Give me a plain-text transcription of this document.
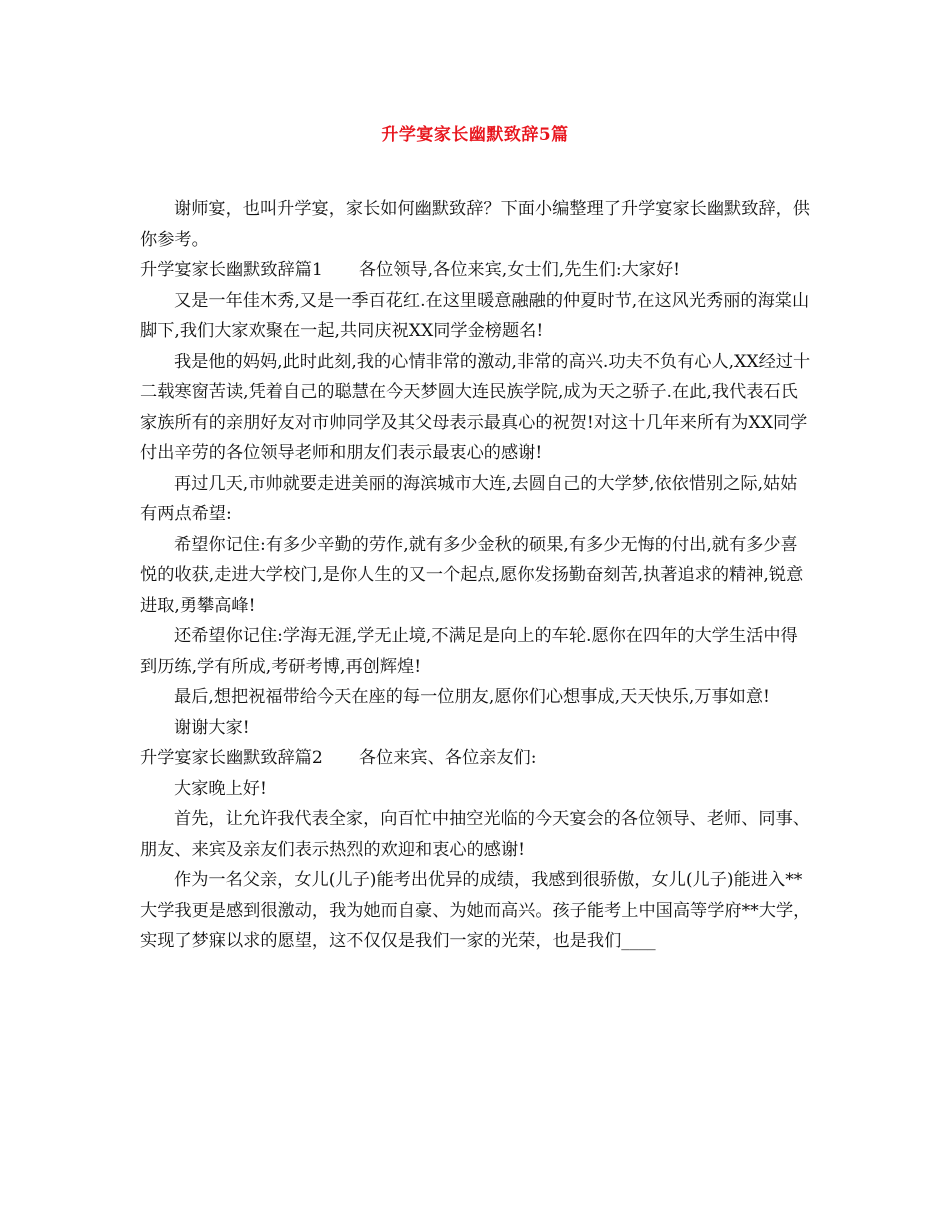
升学宴家长幽默致辞5篇

谢师宴，也叫升学宴，家长如何幽默致辞？下面小编整理了升学宴家长幽默致辞，供你参考。

升学宴家长幽默致辞篇1 各位领导,各位来宾,女士们,先生们:大家好!

又是一年佳木秀,又是一季百花红.在这里暖意融融的仲夏时节,在这风光秀丽的海棠山脚下,我们大家欢聚在一起,共同庆祝XX同学金榜题名!

我是他的妈妈,此时此刻,我的心情非常的激动,非常的高兴.功夫不负有心人,XX经过十二载寒窗苦读,凭着自己的聪慧在今天梦圆大连民族学院,成为天之骄子.在此,我代表石氏家族所有的亲朋好友对市帅同学及其父母表示最真心的祝贺!对这十几年来所有为XX同学付出辛劳的各位领导老师和朋友们表示最衷心的感谢!

再过几天,市帅就要走进美丽的海滨城市大连,去圆自己的大学梦,依依惜别之际,姑姑有两点希望:

希望你记住:有多少辛勤的劳作,就有多少金秋的硕果,有多少无悔的付出,就有多少喜悦的收获,走进大学校门,是你人生的又一个起点,愿你发扬勤奋刻苦,执著追求的精神,锐意进取,勇攀高峰!

还希望你记住:学海无涯,学无止境,不满足是向上的车轮.愿你在四年的大学生活中得到历练,学有所成,考研考博,再创辉煌!

最后,想把祝福带给今天在座的每一位朋友,愿你们心想事成,天天快乐,万事如意!

谢谢大家!

升学宴家长幽默致辞篇2 各位来宾、各位亲友们:

大家晚上好!

首先，让允许我代表全家，向百忙中抽空光临的今天宴会的各位领导、老师、同事、朋友、来宾及亲友们表示热烈的欢迎和衷心的感谢!

作为一名父亲，女儿(儿子)能考出优异的成绩，我感到很骄傲，女儿(儿子)能进入**大学我更是感到很激动，我为她而自豪、为她而高兴。孩子能考上中国高等学府**大学，实现了梦寐以求的愿望，这不仅仅是我们一家的光荣，也是我们____
